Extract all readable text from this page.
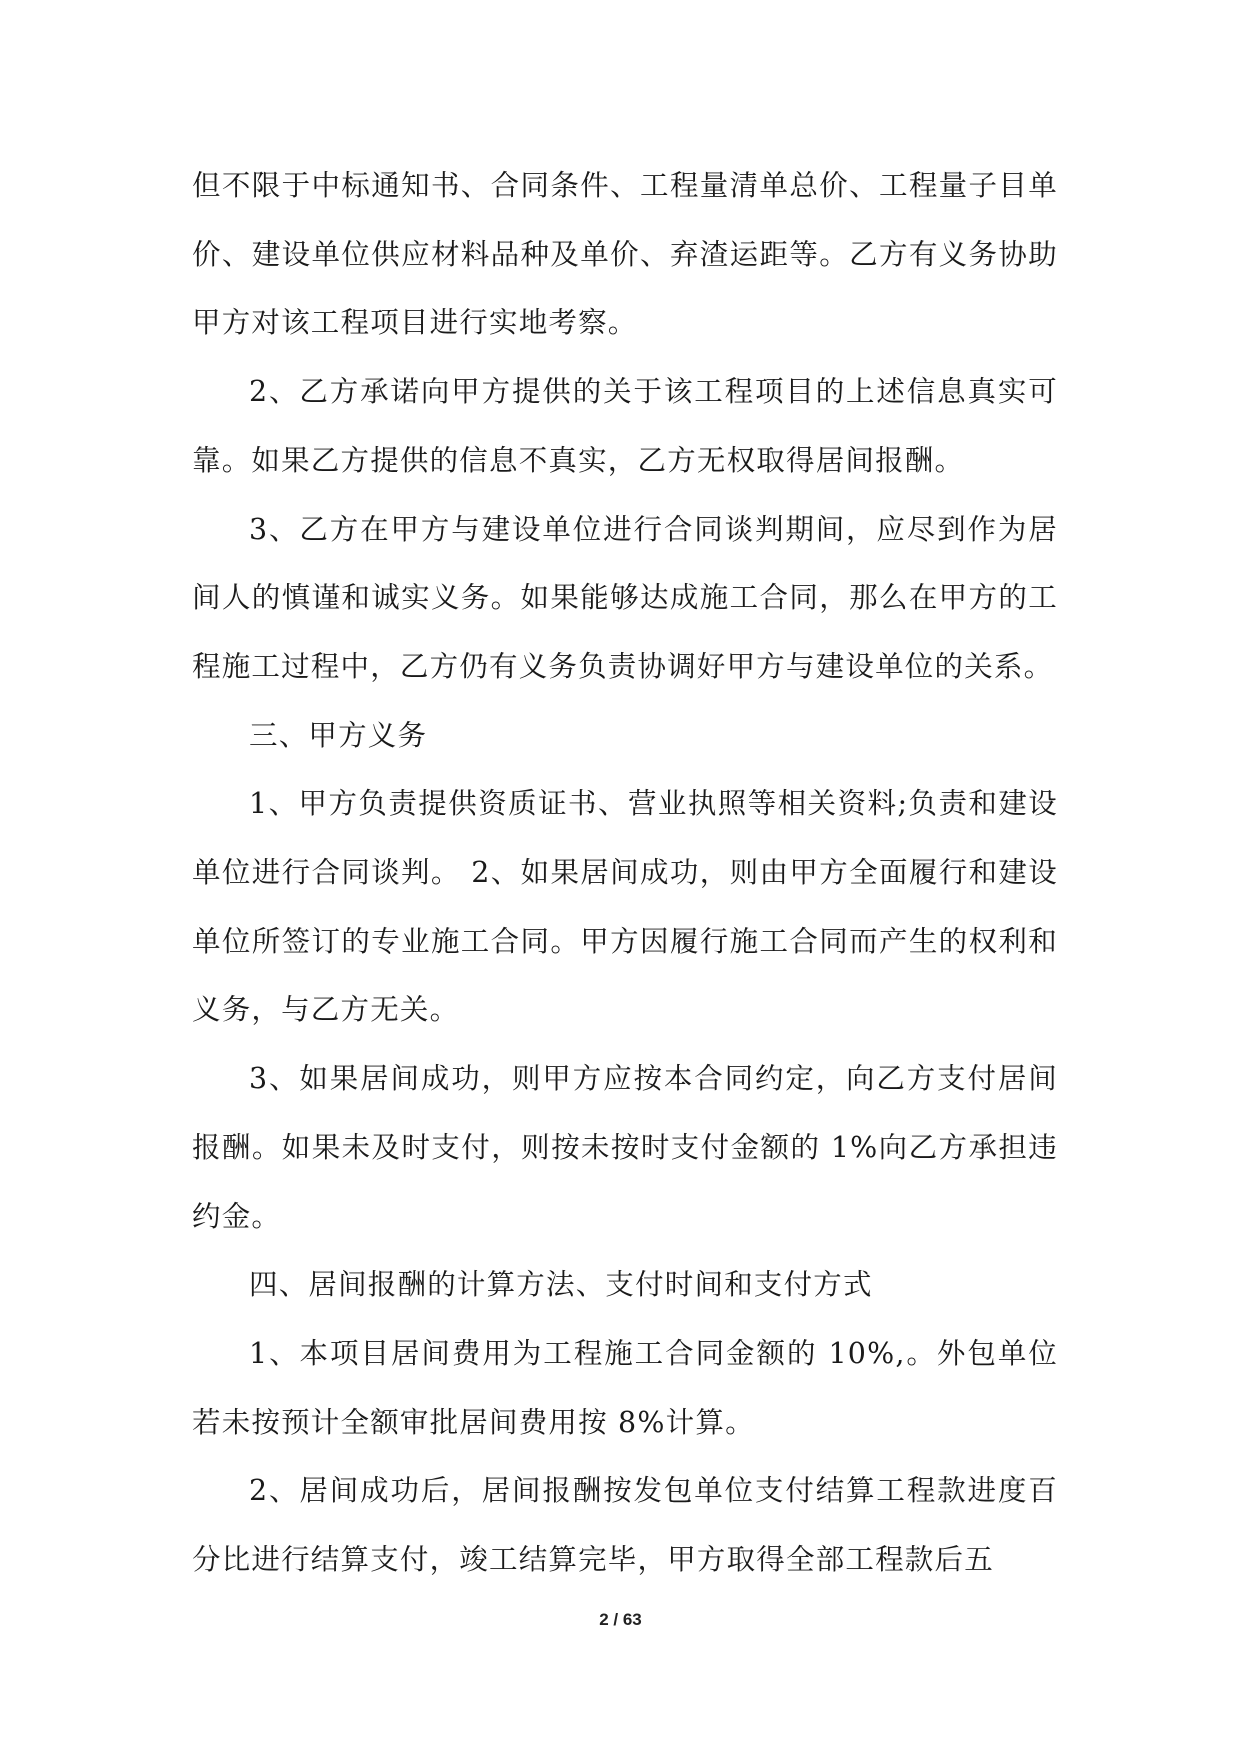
但不限于中标通知书、合同条件、工程量清单总价、工程量子目单价、建设单位供应材料品种及单价、弃渣运距等。乙方有义务协助甲方对该工程项目进行实地考察。

2、乙方承诺向甲方提供的关于该工程项目的上述信息真实可靠。如果乙方提供的信息不真实，乙方无权取得居间报酬。

3、乙方在甲方与建设单位进行合同谈判期间，应尽到作为居间人的慎谨和诚实义务。如果能够达成施工合同，那么在甲方的工程施工过程中，乙方仍有义务负责协调好甲方与建设单位的关系。

三、甲方义务

1、甲方负责提供资质证书、营业执照等相关资料;负责和建设单位进行合同谈判。 2、如果居间成功，则由甲方全面履行和建设单位所签订的专业施工合同。甲方因履行施工合同而产生的权利和义务，与乙方无关。

3、如果居间成功，则甲方应按本合同约定，向乙方支付居间报酬。如果未及时支付，则按未按时支付金额的 1%向乙方承担违约金。

四、居间报酬的计算方法、支付时间和支付方式

1、本项目居间费用为工程施工合同金额的 10%,。外包单位若未按预计全额审批居间费用按 8%计算。

2、居间成功后，居间报酬按发包单位支付结算工程款进度百分比进行结算支付，竣工结算完毕，甲方取得全部工程款后五

2 / 63
